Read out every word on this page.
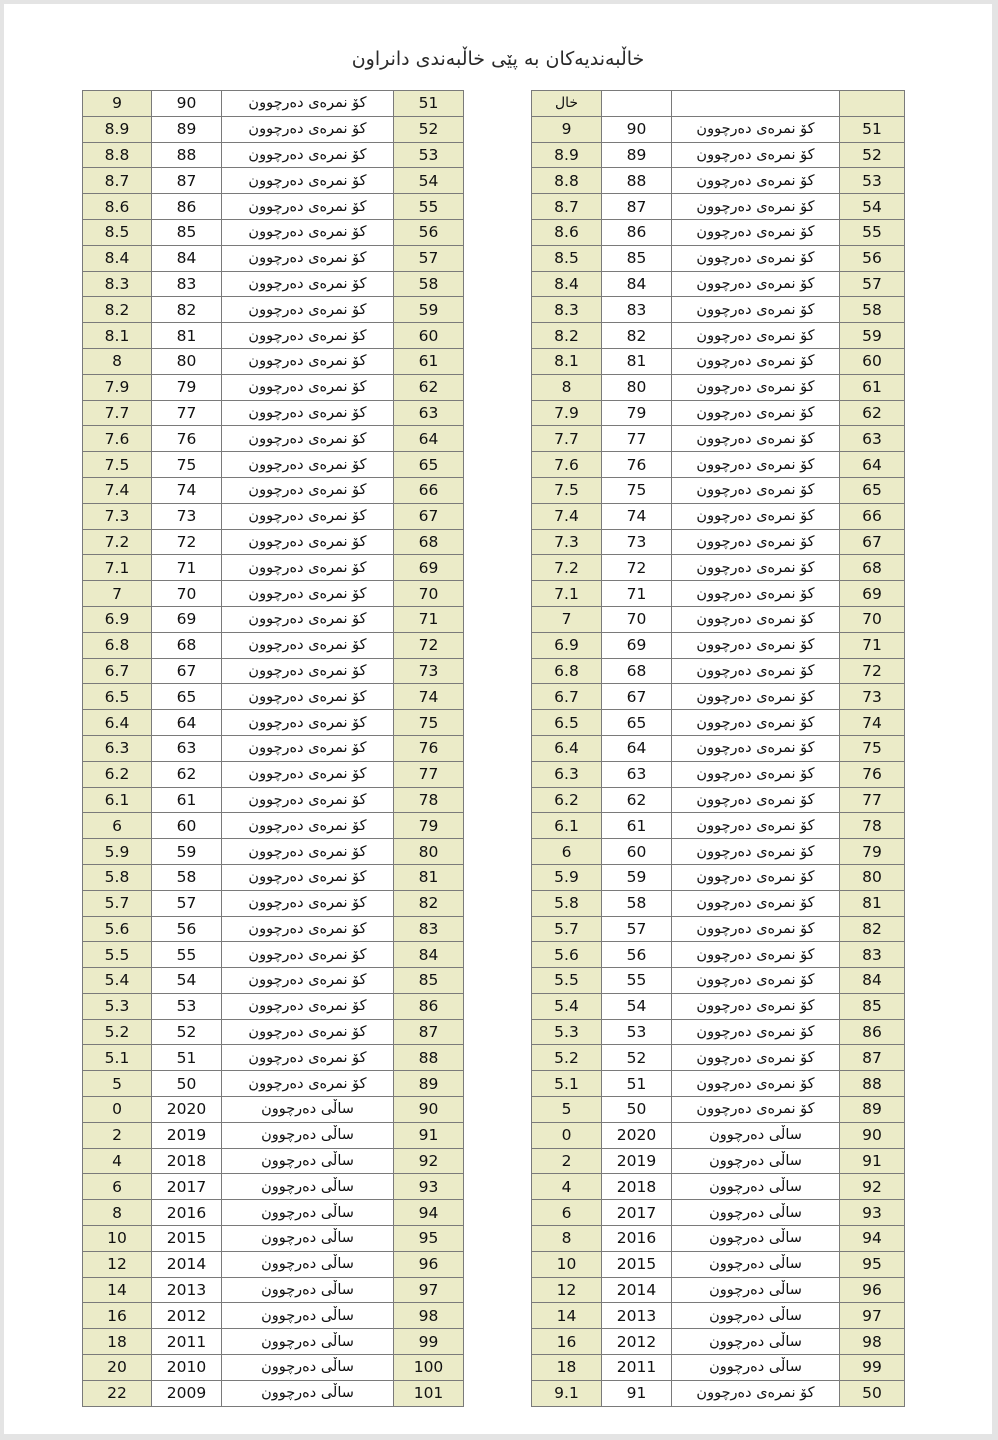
خاڵبەندیەکان بە پێی خاڵبەندی دانراون
9	90	کۆ نمرەی دەرچوون	51
8.9	89	کۆ نمرەی دەرچوون	52
8.8	88	کۆ نمرەی دەرچوون	53
8.7	87	کۆ نمرەی دەرچوون	54
8.6	86	کۆ نمرەی دەرچوون	55
8.5	85	کۆ نمرەی دەرچوون	56
8.4	84	کۆ نمرەی دەرچوون	57
8.3	83	کۆ نمرەی دەرچوون	58
8.2	82	کۆ نمرەی دەرچوون	59
8.1	81	کۆ نمرەی دەرچوون	60
8	80	کۆ نمرەی دەرچوون	61
7.9	79	کۆ نمرەی دەرچوون	62
7.7	77	کۆ نمرەی دەرچوون	63
7.6	76	کۆ نمرەی دەرچوون	64
7.5	75	کۆ نمرەی دەرچوون	65
7.4	74	کۆ نمرەی دەرچوون	66
7.3	73	کۆ نمرەی دەرچوون	67
7.2	72	کۆ نمرەی دەرچوون	68
7.1	71	کۆ نمرەی دەرچوون	69
7	70	کۆ نمرەی دەرچوون	70
6.9	69	کۆ نمرەی دەرچوون	71
6.8	68	کۆ نمرەی دەرچوون	72
6.7	67	کۆ نمرەی دەرچوون	73
6.5	65	کۆ نمرەی دەرچوون	74
6.4	64	کۆ نمرەی دەرچوون	75
6.3	63	کۆ نمرەی دەرچوون	76
6.2	62	کۆ نمرەی دەرچوون	77
6.1	61	کۆ نمرەی دەرچوون	78
6	60	کۆ نمرەی دەرچوون	79
5.9	59	کۆ نمرەی دەرچوون	80
5.8	58	کۆ نمرەی دەرچوون	81
5.7	57	کۆ نمرەی دەرچوون	82
5.6	56	کۆ نمرەی دەرچوون	83
5.5	55	کۆ نمرەی دەرچوون	84
5.4	54	کۆ نمرەی دەرچوون	85
5.3	53	کۆ نمرەی دەرچوون	86
5.2	52	کۆ نمرەی دەرچوون	87
5.1	51	کۆ نمرەی دەرچوون	88
5	50	کۆ نمرەی دەرچوون	89
0	2020	ساڵی دەرچوون	90
2	2019	ساڵی دەرچوون	91
4	2018	ساڵی دەرچوون	92
6	2017	ساڵی دەرچوون	93
8	2016	ساڵی دەرچوون	94
10	2015	ساڵی دەرچوون	95
12	2014	ساڵی دەرچوون	96
14	2013	ساڵی دەرچوون	97
16	2012	ساڵی دەرچوون	98
18	2011	ساڵی دەرچوون	99
20	2010	ساڵی دەرچوون	100
22	2009	ساڵی دەرچوون	101
خال			
9	90	کۆ نمرەی دەرچوون	51
8.9	89	کۆ نمرەی دەرچوون	52
8.8	88	کۆ نمرەی دەرچوون	53
8.7	87	کۆ نمرەی دەرچوون	54
8.6	86	کۆ نمرەی دەرچوون	55
8.5	85	کۆ نمرەی دەرچوون	56
8.4	84	کۆ نمرەی دەرچوون	57
8.3	83	کۆ نمرەی دەرچوون	58
8.2	82	کۆ نمرەی دەرچوون	59
8.1	81	کۆ نمرەی دەرچوون	60
8	80	کۆ نمرەی دەرچوون	61
7.9	79	کۆ نمرەی دەرچوون	62
7.7	77	کۆ نمرەی دەرچوون	63
7.6	76	کۆ نمرەی دەرچوون	64
7.5	75	کۆ نمرەی دەرچوون	65
7.4	74	کۆ نمرەی دەرچوون	66
7.3	73	کۆ نمرەی دەرچوون	67
7.2	72	کۆ نمرەی دەرچوون	68
7.1	71	کۆ نمرەی دەرچوون	69
7	70	کۆ نمرەی دەرچوون	70
6.9	69	کۆ نمرەی دەرچوون	71
6.8	68	کۆ نمرەی دەرچوون	72
6.7	67	کۆ نمرەی دەرچوون	73
6.5	65	کۆ نمرەی دەرچوون	74
6.4	64	کۆ نمرەی دەرچوون	75
6.3	63	کۆ نمرەی دەرچوون	76
6.2	62	کۆ نمرەی دەرچوون	77
6.1	61	کۆ نمرەی دەرچوون	78
6	60	کۆ نمرەی دەرچوون	79
5.9	59	کۆ نمرەی دەرچوون	80
5.8	58	کۆ نمرەی دەرچوون	81
5.7	57	کۆ نمرەی دەرچوون	82
5.6	56	کۆ نمرەی دەرچوون	83
5.5	55	کۆ نمرەی دەرچوون	84
5.4	54	کۆ نمرەی دەرچوون	85
5.3	53	کۆ نمرەی دەرچوون	86
5.2	52	کۆ نمرەی دەرچوون	87
5.1	51	کۆ نمرەی دەرچوون	88
5	50	کۆ نمرەی دەرچوون	89
0	2020	ساڵی دەرچوون	90
2	2019	ساڵی دەرچوون	91
4	2018	ساڵی دەرچوون	92
6	2017	ساڵی دەرچوون	93
8	2016	ساڵی دەرچوون	94
10	2015	ساڵی دەرچوون	95
12	2014	ساڵی دەرچوون	96
14	2013	ساڵی دەرچوون	97
16	2012	ساڵی دەرچوون	98
18	2011	ساڵی دەرچوون	99
9.1	91	کۆ نمرەی دەرچوون	50
